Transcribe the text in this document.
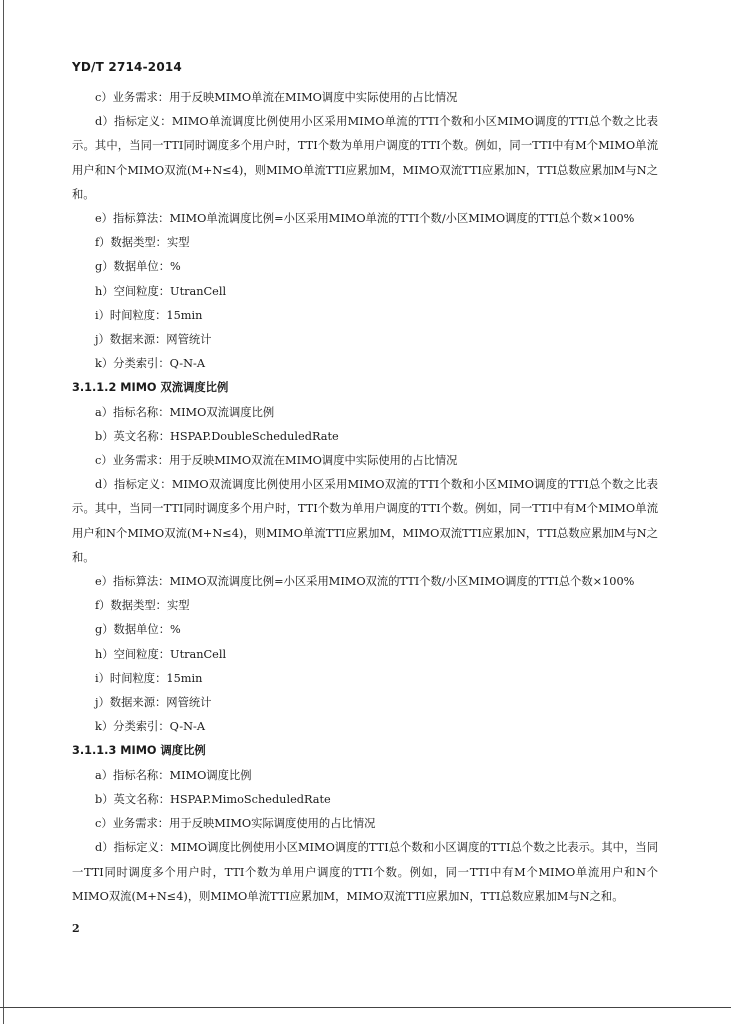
YD/T 2714-2014

c）业务需求：用于反映MIMO单流在MIMO调度中实际使用的占比情况

d）指标定义：MIMO单流调度比例使用小区采用MIMO单流的TTI个数和小区MIMO调度的TTI总个数之比表示。其中，当同一TTI同时调度多个用户时，TTI个数为单用户调度的TTI个数。例如，同一TTI中有M个MIMO单流用户和N个MIMO双流(M+N≤4)，则MIMO单流TTI应累加M，MIMO双流TTI应累加N，TTI总数应累加M与N之和。

e）指标算法：MIMO单流调度比例=小区采用MIMO单流的TTI个数/小区MIMO调度的TTI总个数×100%

f）数据类型：实型

g）数据单位：%

h）空间粒度：UtranCell

i）时间粒度：15min

j）数据来源：网管统计

k）分类索引：Q-N-A

3.1.1.2 MIMO 双流调度比例

a）指标名称：MIMO双流调度比例

b）英文名称：HSPAP.DoubleScheduledRate

c）业务需求：用于反映MIMO双流在MIMO调度中实际使用的占比情况

d）指标定义：MIMO双流调度比例使用小区采用MIMO双流的TTI个数和小区MIMO调度的TTI总个数之比表示。其中，当同一TTI同时调度多个用户时，TTI个数为单用户调度的TTI个数。例如，同一TTI中有M个MIMO单流用户和N个MIMO双流(M+N≤4)，则MIMO单流TTI应累加M，MIMO双流TTI应累加N，TTI总数应累加M与N之和。

e）指标算法：MIMO双流调度比例=小区采用MIMO双流的TTI个数/小区MIMO调度的TTI总个数×100%

f）数据类型：实型

g）数据单位：%

h）空间粒度：UtranCell

i）时间粒度：15min

j）数据来源：网管统计

k）分类索引：Q-N-A

3.1.1.3 MIMO 调度比例

a）指标名称：MIMO调度比例

b）英文名称：HSPAP.MimoScheduledRate

c）业务需求：用于反映MIMO实际调度使用的占比情况

d）指标定义：MIMO调度比例使用小区MIMO调度的TTI总个数和小区调度的TTI总个数之比表示。其中，当同一TTI同时调度多个用户时，TTI个数为单用户调度的TTI个数。例如，同一TTI中有M个MIMO单流用户和N个MIMO双流(M+N≤4)，则MIMO单流TTI应累加M，MIMO双流TTI应累加N，TTI总数应累加M与N之和。

2
